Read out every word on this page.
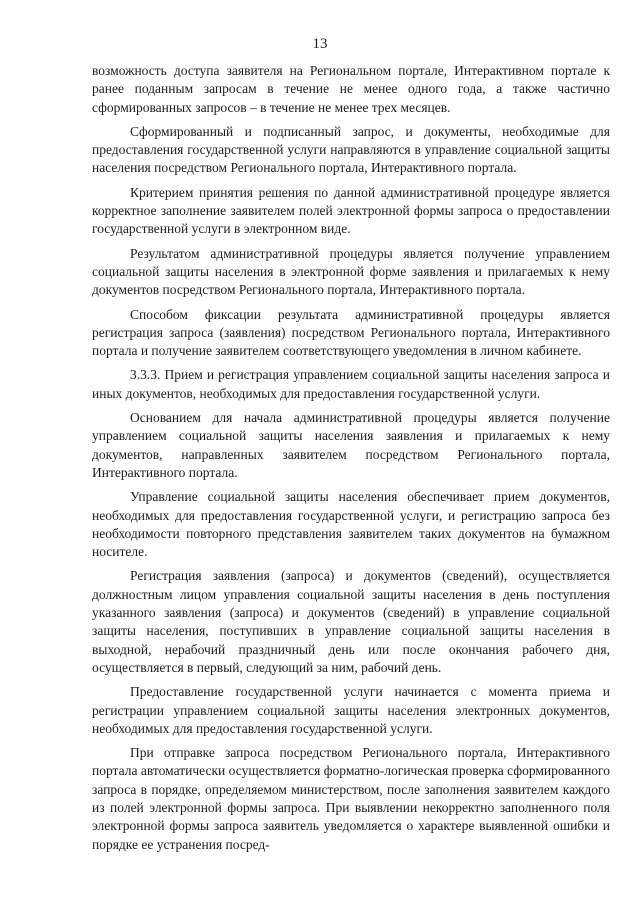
13

возможность доступа заявителя на Региональном портале, Интерактивном портале к ранее поданным запросам в течение не менее одного года, а также частично сформированных запросов – в течение не менее трех месяцев.

Сформированный и подписанный запрос, и документы, необходимые для предоставления государственной услуги направляются в управление социальной защиты населения посредством Регионального портала, Интерактивного портала.

Критерием принятия решения по данной административной процедуре является корректное заполнение заявителем полей электронной формы запроса о предоставлении государственной услуги в электронном виде.

Результатом административной процедуры является получение управлением социальной защиты населения в электронной форме заявления и прилагаемых к нему документов посредством Регионального портала, Интерактивного портала.

Способом фиксации результата административной процедуры является регистрация запроса (заявления) посредством Регионального портала, Интерактивного портала и получение заявителем соответствующего уведомления в личном кабинете.

3.3.3. Прием и регистрация управлением социальной защиты населения запроса и иных документов, необходимых для предоставления государственной услуги.

Основанием для начала административной процедуры является получение управлением социальной защиты населения заявления и прилагаемых к нему документов, направленных заявителем посредством Регионального портала, Интерактивного портала.

Управление социальной защиты населения обеспечивает прием документов, необходимых для предоставления государственной услуги, и регистрацию запроса без необходимости повторного представления заявителем таких документов на бумажном носителе.

Регистрация заявления (запроса) и документов (сведений), осуществляется должностным лицом управления социальной защиты населения в день поступления указанного заявления (запроса) и документов (сведений) в управление социальной защиты населения, поступивших в управление социальной защиты населения в выходной, нерабочий праздничный день или после окончания рабочего дня, осуществляется в первый, следующий за ним, рабочий день.

Предоставление государственной услуги начинается с момента приема и регистрации управлением социальной защиты населения электронных документов, необходимых для предоставления государственной услуги.

При отправке запроса посредством Регионального портала, Интерактивного портала автоматически осуществляется форматно-логическая проверка сформированного запроса в порядке, определяемом министерством, после заполнения заявителем каждого из полей электронной формы запроса. При выявлении некорректно заполненного поля электронной формы запроса заявитель уведомляется о характере выявленной ошибки и порядке ее устранения посред-
